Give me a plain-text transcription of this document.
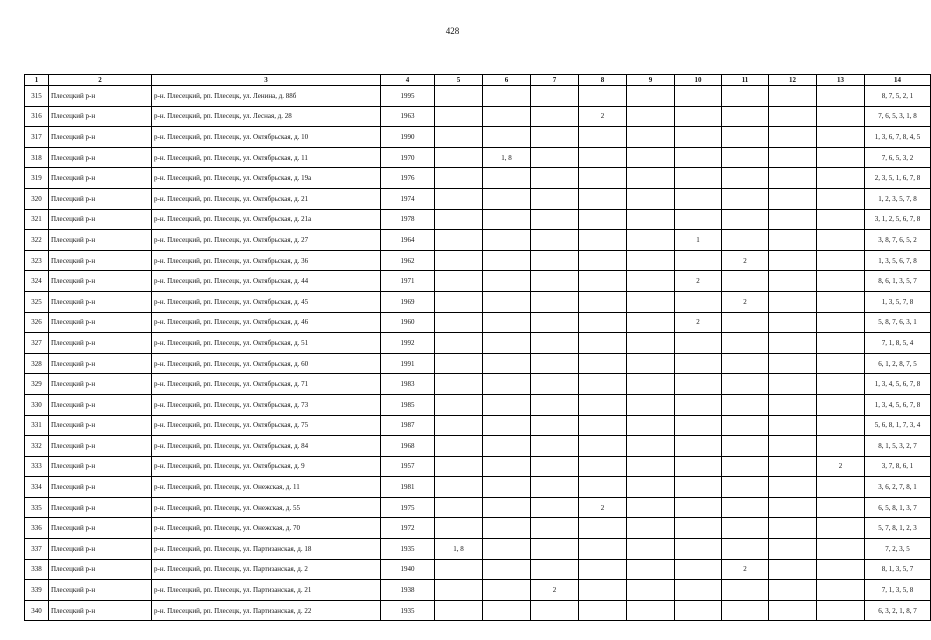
428
1	2	3	4	5	6	7	8	9	10	11	12	13	14
315	Плесецкий р-н	р-н. Плесецкий, рп. Плесецк, ул. Ленина, д. 88б	1995										8, 7, 5, 2, 1
316	Плесецкий р-н	р-н. Плесецкий, рп. Плесецк, ул. Лесная, д. 28	1963				2						7, 6, 5, 3, 1, 8
317	Плесецкий р-н	р-н. Плесецкий, рп. Плесецк, ул. Октябрьская, д. 10	1990										1, 3, 6, 7, 8, 4, 5
318	Плесецкий р-н	р-н. Плесецкий, рп. Плесецк, ул. Октябрьская, д. 11	1970		1, 8								7, 6, 5, 3, 2
319	Плесецкий р-н	р-н. Плесецкий, рп. Плесецк, ул. Октябрьская, д. 19а	1976										2, 3, 5, 1, 6, 7, 8
320	Плесецкий р-н	р-н. Плесецкий, рп. Плесецк, ул. Октябрьская, д. 21	1974										1, 2, 3, 5, 7, 8
321	Плесецкий р-н	р-н. Плесецкий, рп. Плесецк, ул. Октябрьская, д. 21а	1978										3, 1, 2, 5, 6, 7, 8
322	Плесецкий р-н	р-н. Плесецкий, рп. Плесецк, ул. Октябрьская, д. 27	1964						1				3, 8, 7, 6, 5, 2
323	Плесецкий р-н	р-н. Плесецкий, рп. Плесецк, ул. Октябрьская, д. 36	1962							2			1, 3, 5, 6, 7, 8
324	Плесецкий р-н	р-н. Плесецкий, рп. Плесецк, ул. Октябрьская, д. 44	1971						2				8, 6, 1, 3, 5, 7
325	Плесецкий р-н	р-н. Плесецкий, рп. Плесецк, ул. Октябрьская, д. 45	1969							2			1, 3, 5, 7, 8
326	Плесецкий р-н	р-н. Плесецкий, рп. Плесецк, ул. Октябрьская, д. 46	1960						2				5, 8, 7, 6, 3, 1
327	Плесецкий р-н	р-н. Плесецкий, рп. Плесецк, ул. Октябрьская, д. 51	1992										7, 1, 8, 5, 4
328	Плесецкий р-н	р-н. Плесецкий, рп. Плесецк, ул. Октябрьская, д. 60	1991										6, 1, 2, 8, 7, 5
329	Плесецкий р-н	р-н. Плесецкий, рп. Плесецк, ул. Октябрьская, д. 71	1983										1, 3, 4, 5, 6, 7, 8
330	Плесецкий р-н	р-н. Плесецкий, рп. Плесецк, ул. Октябрьская, д. 73	1985										1, 3, 4, 5, 6, 7, 8
331	Плесецкий р-н	р-н. Плесецкий, рп. Плесецк, ул. Октябрьская, д. 75	1987										5, 6, 8, 1, 7, 3, 4
332	Плесецкий р-н	р-н. Плесецкий, рп. Плесецк, ул. Октябрьская, д. 84	1968										8, 1, 5, 3, 2, 7
333	Плесецкий р-н	р-н. Плесецкий, рп. Плесецк, ул. Октябрьская, д. 9	1957									2	3, 7, 8, 6, 1
334	Плесецкий р-н	р-н. Плесецкий, рп. Плесецк, ул. Онежская, д. 11	1981										3, 6, 2, 7, 8, 1
335	Плесецкий р-н	р-н. Плесецкий, рп. Плесецк, ул. Онежская, д. 55	1975				2						6, 5, 8, 1, 3, 7
336	Плесецкий р-н	р-н. Плесецкий, рп. Плесецк, ул. Онежская, д. 70	1972										5, 7, 8, 1, 2, 3
337	Плесецкий р-н	р-н. Плесецкий, рп. Плесецк, ул. Партизанская, д. 18	1935	1, 8									7, 2, 3, 5
338	Плесецкий р-н	р-н. Плесецкий, рп. Плесецк, ул. Партизанская, д. 2	1940							2			8, 1, 3, 5, 7
339	Плесецкий р-н	р-н. Плесецкий, рп. Плесецк, ул. Партизанская, д. 21	1938			2							7, 1, 3, 5, 8
340	Плесецкий р-н	р-н. Плесецкий, рп. Плесецк, ул. Партизанская, д. 22	1935										6, 3, 2, 1, 8, 7
